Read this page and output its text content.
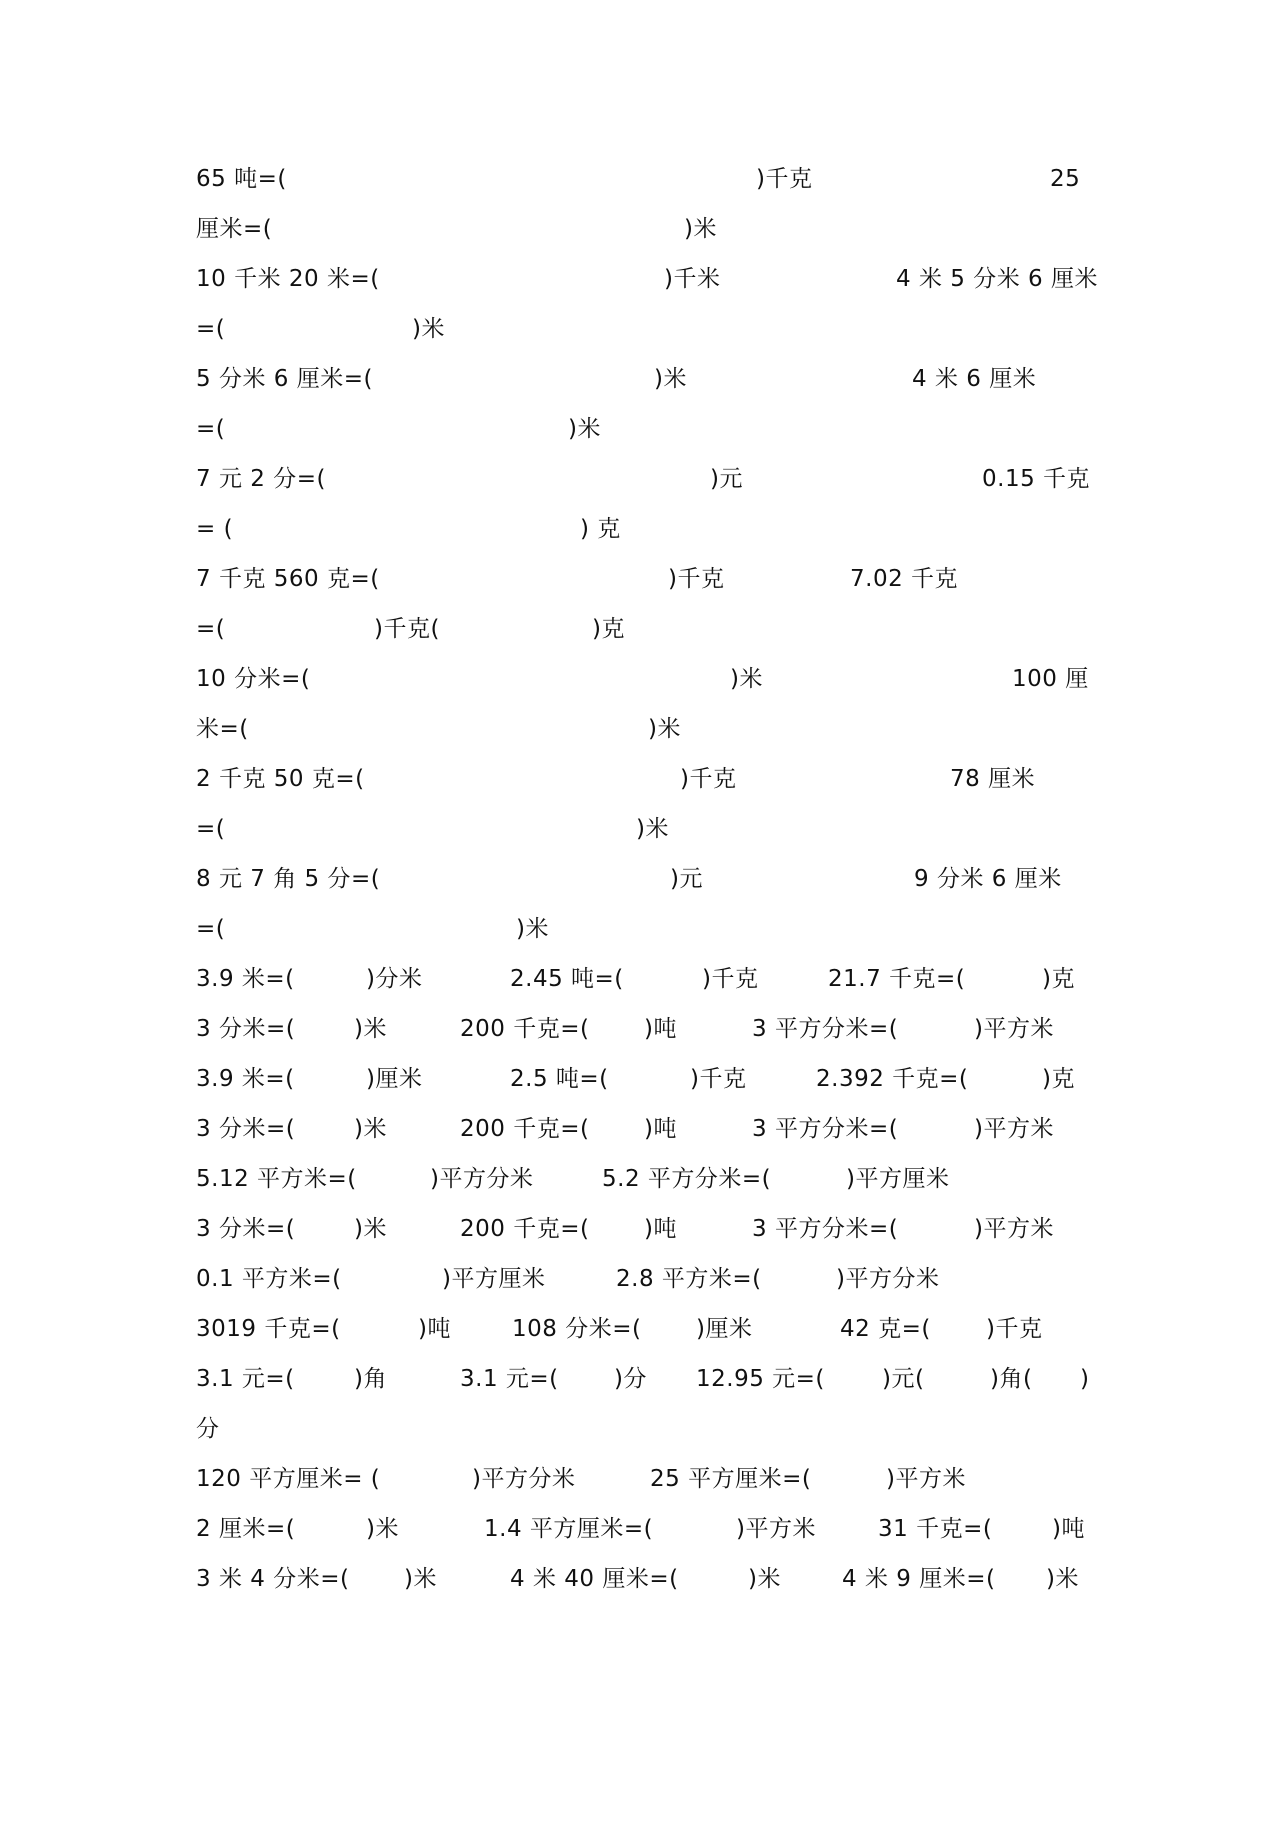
65 吨=(

	)千克

	25

厘米=(

	)米

10 千米 20 米=(

	)千米

	4 米 5 分米 6 厘米

=(

	)米

5 分米 6 厘米=(

	)米

	4 米 6 厘米

=(

	)米

7 元 2 分=(

	)元

	0.15 千克

= (

	) 克

7 千克 560 克=(

	)千克

	7.02 千克

=(

	)千克(

	)克

10 分米=(

	)米

	100 厘

米=(

	)米

2 千克 50 克=(

	)千克

	78 厘米

=(

	)米

8 元 7 角 5 分=(

	)元

	9 分米 6 厘米

=(

	)米

3.9 米=(

	)分米

	2.45 吨=(

	)千克

	21.7 千克=(

	)克

3 分米=(

	)米

	200 千克=(

)吨

	3 平方分米=(

	)平方米

3.9 米=(

	)厘米

	2.5 吨=(

	)千克

	2.392 千克=(

	)克

3 分米=(

	)米

	200 千克=(

)吨

	3 平方分米=(

	)平方米

5.12 平方米=(

	)平方分米

	5.2 平方分米=(

	)平方厘米

3 分米=(

	)米

	200 千克=(

)吨

	3 平方分米=(

	)平方米

0.1 平方米=(

	)平方厘米

	2.8 平方米=(

	)平方分米

3019 千克=(

	)吨

	108 分米=(

)厘米

	42 克=(

)千克

3.1 元=(

	)角

	3.1 元=(

)分

12.95 元=(

)元(

	)角(

)

分

120 平方厘米= (

	)平方分米

	25 平方厘米=(

	)平方米

2 厘米=(

	)米

	1.4 平方厘米=(

	)平方米

	31 千克=(

	)吨

3 米 4 分米=(

)米

	4 米 40 厘米=(

	)米

	4 米 9 厘米=(

)米
